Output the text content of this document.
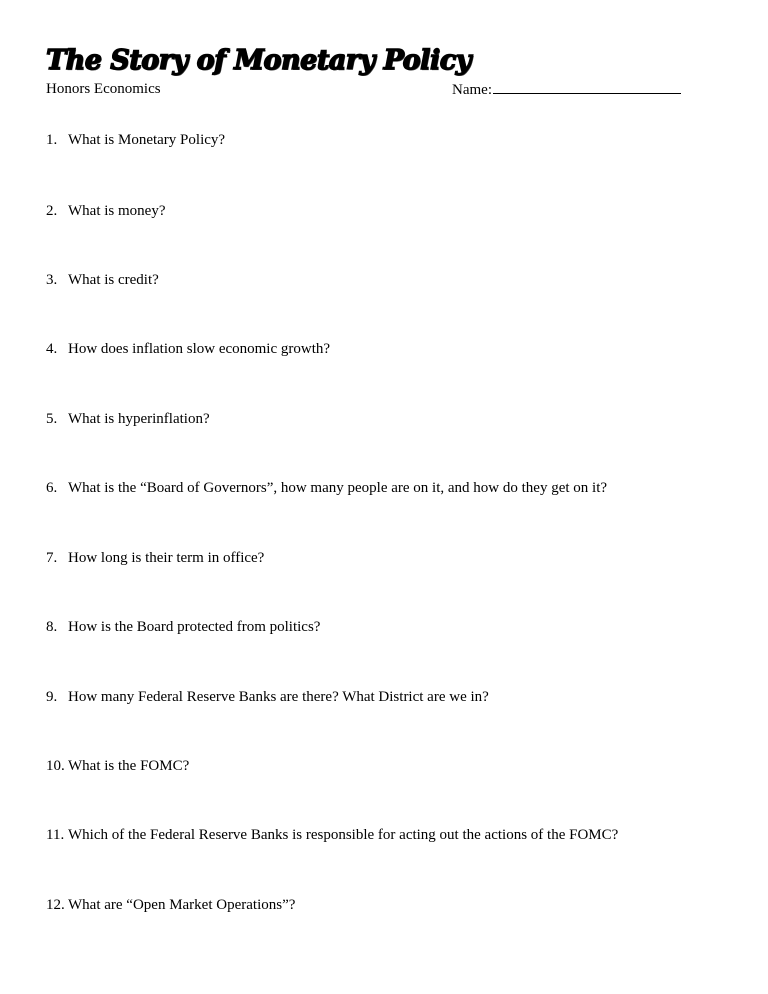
The Story of Monetary Policy
Honors Economics	Name:
1. What is Monetary Policy?
2. What is money?
3. What is credit?
4. How does inflation slow economic growth?
5. What is hyperinflation?
6. What is the “Board of Governors”, how many people are on it, and how do they get on it?
7. How long is their term in office?
8. How is the Board protected from politics?
9. How many Federal Reserve Banks are there? What District are we in?
10. What is the FOMC?
11. Which of the Federal Reserve Banks is responsible for acting out the actions of the FOMC?
12. What are “Open Market Operations”?
